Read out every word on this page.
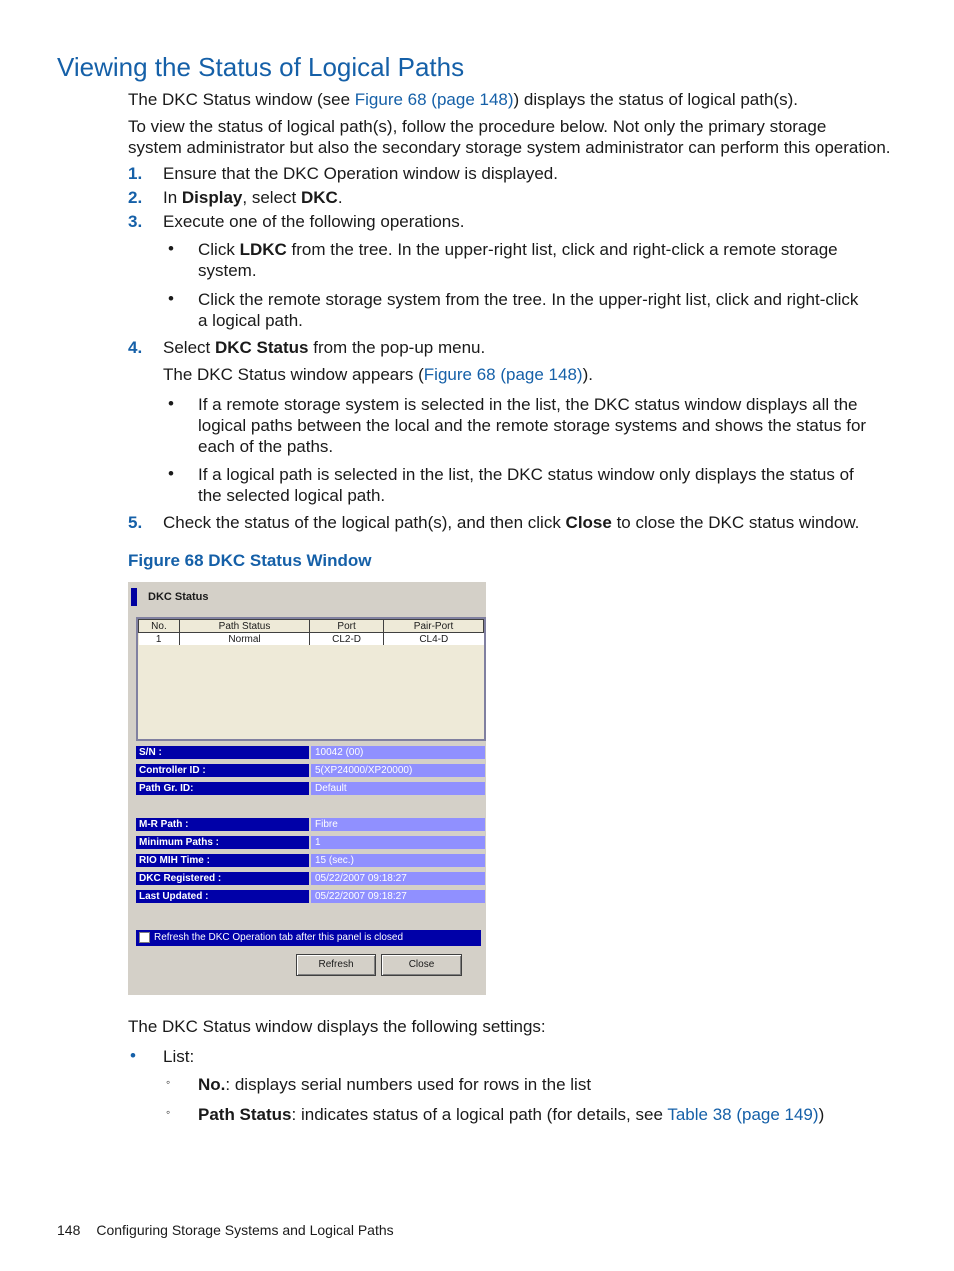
Viewing the Status of Logical Paths
The DKC Status window (see Figure 68 (page 148)) displays the status of logical path(s).
To view the status of logical path(s), follow the procedure below. Not only the primary storage
system administrator but also the secondary storage system administrator can perform this operation.
1. Ensure that the DKC Operation window is displayed.
2. In Display, select DKC.
3. Execute one of the following operations.
• Click LDKC from the tree. In the upper-right list, click and right-click a remote storage
system.
• Click the remote storage system from the tree. In the upper-right list, click and right-click
a logical path.
4. Select DKC Status from the pop-up menu.
The DKC Status window appears (Figure 68 (page 148)).
• If a remote storage system is selected in the list, the DKC status window displays all the
logical paths between the local and the remote storage systems and shows the status for
each of the paths.
• If a logical path is selected in the list, the DKC status window only displays the status of
the selected logical path.
5. Check the status of the logical path(s), and then click Close to close the DKC status window.
Figure 68 DKC Status Window
DKC Status
No.	Path Status	Port	Pair-Port
1	Normal	CL2-D	CL4-D
S/N :	10042 (00)
Controller ID :	5(XP24000/XP20000)
Path Gr. ID:	Default
M-R Path :	Fibre
Minimum Paths :	1
RIO MIH Time :	15 (sec.)
DKC Registered :	05/22/2007 09:18:27
Last Updated :	05/22/2007 09:18:27
Refresh the DKC Operation tab after this panel is closed
Refresh	Close
The DKC Status window displays the following settings:
• List:
◦ No.: displays serial numbers used for rows in the list
◦ Path Status: indicates status of a logical path (for details, see Table 38 (page 149))
148 Configuring Storage Systems and Logical Paths
